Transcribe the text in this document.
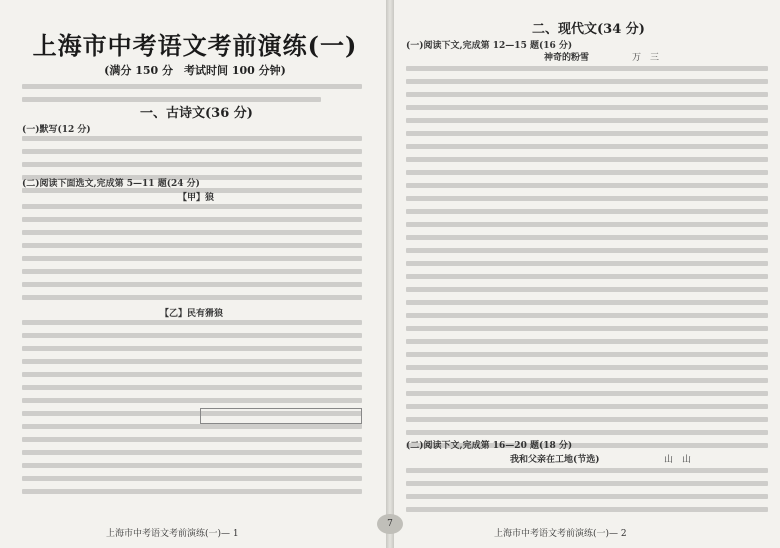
上海市中考语文考前演练(一)
(满分 150 分　考试时间 100 分钟)
一、古诗文(36 分)
(一)默写(12 分)
(二)阅读下面选文,完成第 5—11 题(24 分)
【甲】狼
【乙】民有猾狼
上海市中考语文考前演练(一)— 1
7
二、现代文(34 分)
(一)阅读下文,完成第 12—15 题(16 分)
神奇的粉雪	万　三
(二)阅读下文,完成第 16—20 题(18 分)
我和父亲在工地(节选)	山　山
上海市中考语文考前演练(一)— 2
